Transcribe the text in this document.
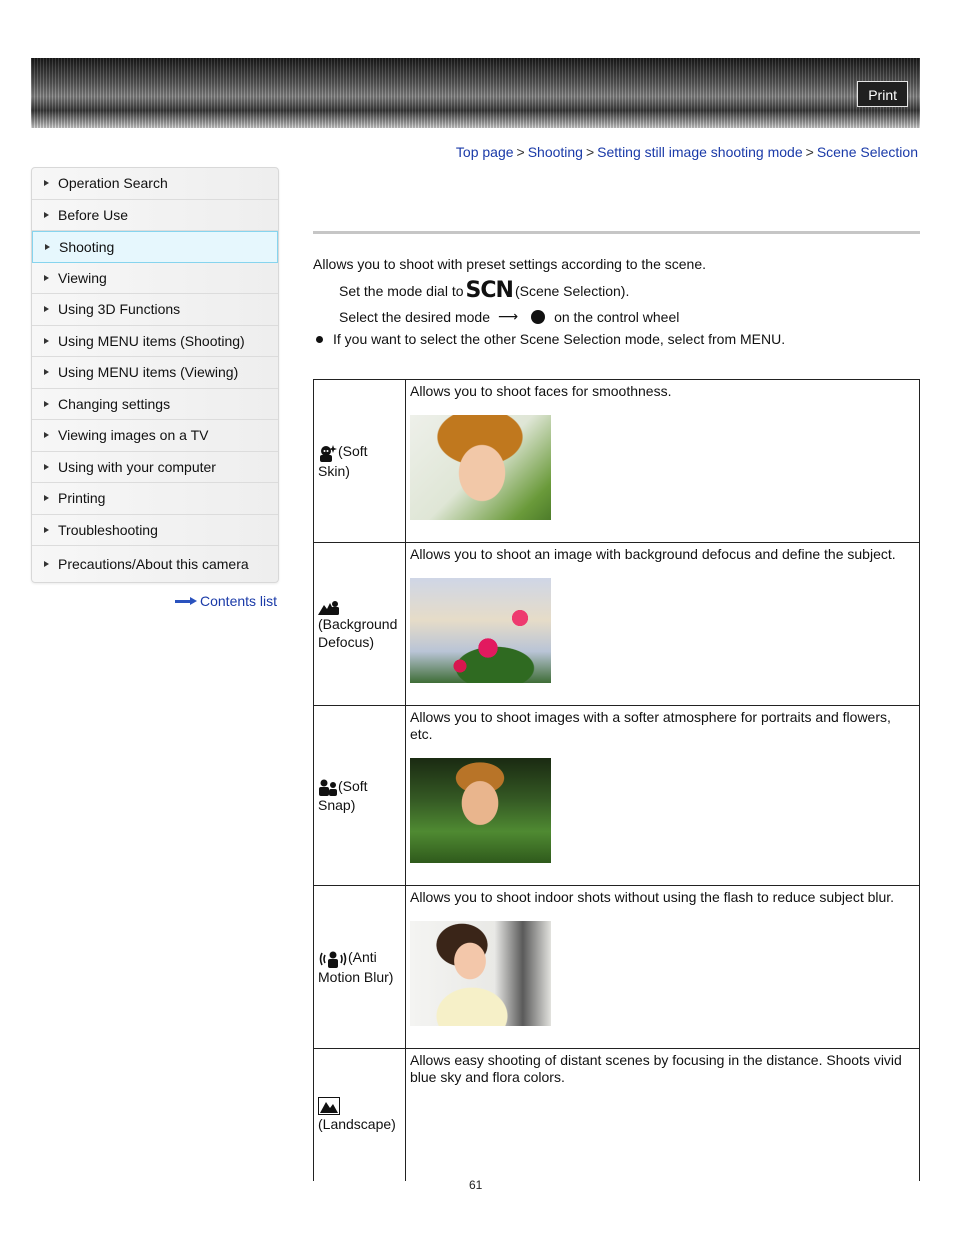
Print
Top page > Shooting > Setting still image shooting mode > Scene Selection
Operation Search
Before Use
Shooting
Viewing
Using 3D Functions
Using MENU items (Shooting)
Using MENU items (Viewing)
Changing settings
Viewing images on a TV
Using with your computer
Printing
Troubleshooting
Precautions/About this camera
Contents list
Allows you to shoot with preset settings according to the scene.
Set the mode dial to SCN (Scene Selection).
Select the desired mode ⟶	on the control wheel
If you want to select the other Scene Selection mode, select from MENU.
(Soft Skin)	Allows you to shoot faces for smoothness.

(Background Defocus)	Allows you to shoot an image with background defocus and define the subject.

(Soft Snap)	Allows you to shoot images with a softer atmosphere for portraits and flowers, etc.

(Anti Motion Blur)	Allows you to shoot indoor shots without using the flash to reduce subject blur.

(Landscape)	Allows easy shooting of distant scenes by focusing in the distance. Shoots vivid blue sky and flora colors.
61
